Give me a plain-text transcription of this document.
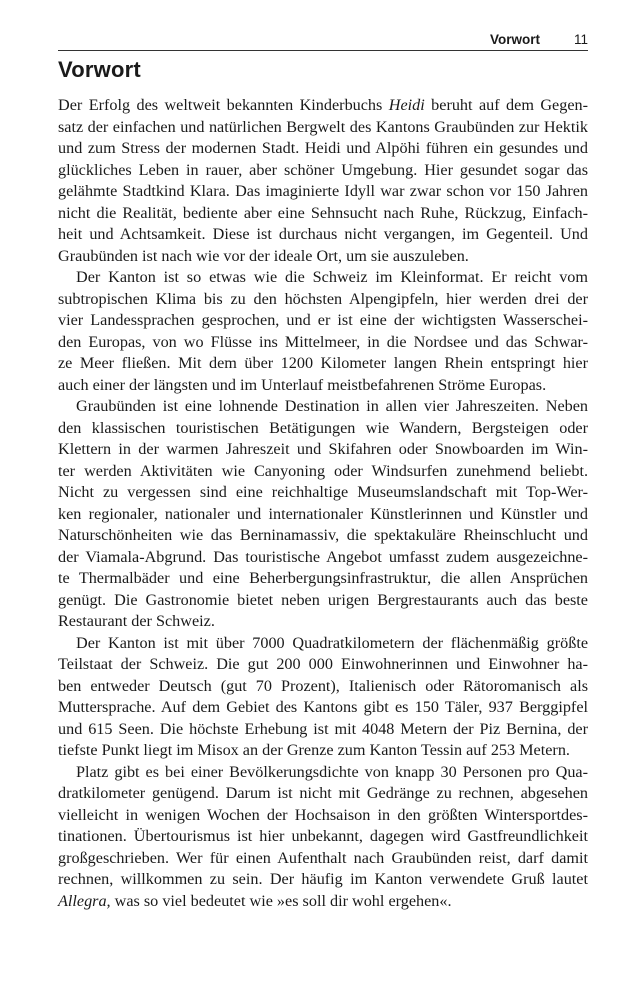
Vorwort	11
Vorwort
Der Erfolg des weltweit bekannten Kinderbuchs Heidi beruht auf dem Gegen-
satz der einfachen und natürlichen Bergwelt des Kantons Graubünden zur Hektik
und zum Stress der modernen Stadt. Heidi und Alpöhi führen ein gesundes und
glückliches Leben in rauer, aber schöner Umgebung. Hier gesundet sogar das
gelähmte Stadtkind Klara. Das imaginierte Idyll war zwar schon vor 150 Jahren
nicht die Realität, bediente aber eine Sehnsucht nach Ruhe, Rückzug, Einfach-
heit und Achtsamkeit. Diese ist durchaus nicht vergangen, im Gegenteil. Und
Graubünden ist nach wie vor der ideale Ort, um sie auszuleben.
Der Kanton ist so etwas wie die Schweiz im Kleinformat. Er reicht vom
subtropischen Klima bis zu den höchsten Alpengipfeln, hier werden drei der
vier Landessprachen gesprochen, und er ist eine der wichtigsten Wasserschei-
den Europas, von wo Flüsse ins Mittelmeer, in die Nordsee und das Schwar-
ze Meer fließen. Mit dem über 1200 Kilometer langen Rhein entspringt hier
auch einer der längsten und im Unterlauf meistbefahrenen Ströme Europas.
Graubünden ist eine lohnende Destination in allen vier Jahreszeiten. Neben
den klassischen touristischen Betätigungen wie Wandern, Bergsteigen oder
Klettern in der warmen Jahreszeit und Skifahren oder Snowboarden im Win-
ter werden Aktivitäten wie Canyoning oder Windsurfen zunehmend beliebt.
Nicht zu vergessen sind eine reichhaltige Museumslandschaft mit Top-Wer-
ken regionaler, nationaler und internationaler Künstlerinnen und Künstler und
Naturschönheiten wie das Berninamassiv, die spektakuläre Rheinschlucht und
der Viamala-Abgrund. Das touristische Angebot umfasst zudem ausgezeichne-
te Thermalbäder und eine Beherbergungsinfrastruktur, die allen Ansprüchen
genügt. Die Gastronomie bietet neben urigen Bergrestaurants auch das beste
Restaurant der Schweiz.
Der Kanton ist mit über 7000 Quadratkilometern der flächenmäßig größte
Teilstaat der Schweiz. Die gut 200 000 Einwohnerinnen und Einwohner ha-
ben entweder Deutsch (gut 70 Prozent), Italienisch oder Rätoromanisch als
Muttersprache. Auf dem Gebiet des Kantons gibt es 150 Täler, 937 Berggipfel
und 615 Seen. Die höchste Erhebung ist mit 4048 Metern der Piz Bernina, der
tiefste Punkt liegt im Misox an der Grenze zum Kanton Tessin auf 253 Metern.
Platz gibt es bei einer Bevölkerungsdichte von knapp 30 Personen pro Qua-
dratkilometer genügend. Darum ist nicht mit Gedränge zu rechnen, abgesehen
vielleicht in wenigen Wochen der Hochsaison in den größten Wintersportdes-
tinationen. Übertourismus ist hier unbekannt, dagegen wird Gastfreundlichkeit
großgeschrieben. Wer für einen Aufenthalt nach Graubünden reist, darf damit
rechnen, willkommen zu sein. Der häufig im Kanton verwendete Gruß lautet
Allegra, was so viel bedeutet wie »es soll dir wohl ergehen«.
